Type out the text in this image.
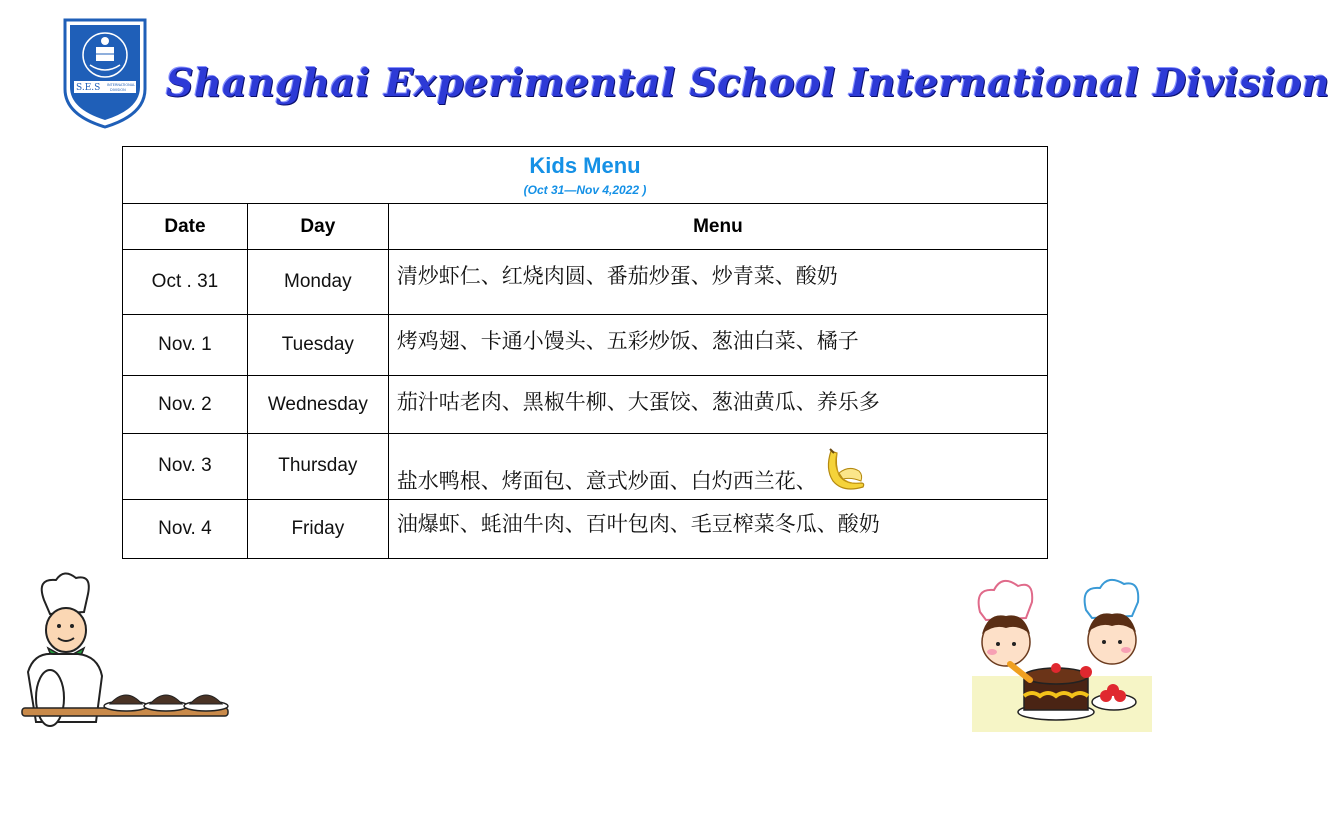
S.E.S INTERNATIONAL
DIVISION Shanghai Experimental School International Division
Kids Menu
(Oct 31—Nov 4,2022 )		

Date	Day	Menu
Oct . 31	Monday	清炒虾仁、红烧肉圆、番茄炒蛋、炒青菜、酸奶
Nov. 1	Tuesday	烤鸡翅、卡通小馒头、五彩炒饭、葱油白菜、橘子
Nov. 2	Wednesday	茄汁咕老肉、黑椒牛柳、大蛋饺、葱油黄瓜、养乐多
Nov. 3	Thursday	盐水鸭根、烤面包、意式炒面、白灼西兰花、
Nov. 4	Friday	油爆虾、蚝油牛肉、百叶包肉、毛豆榨菜冬瓜、酸奶
